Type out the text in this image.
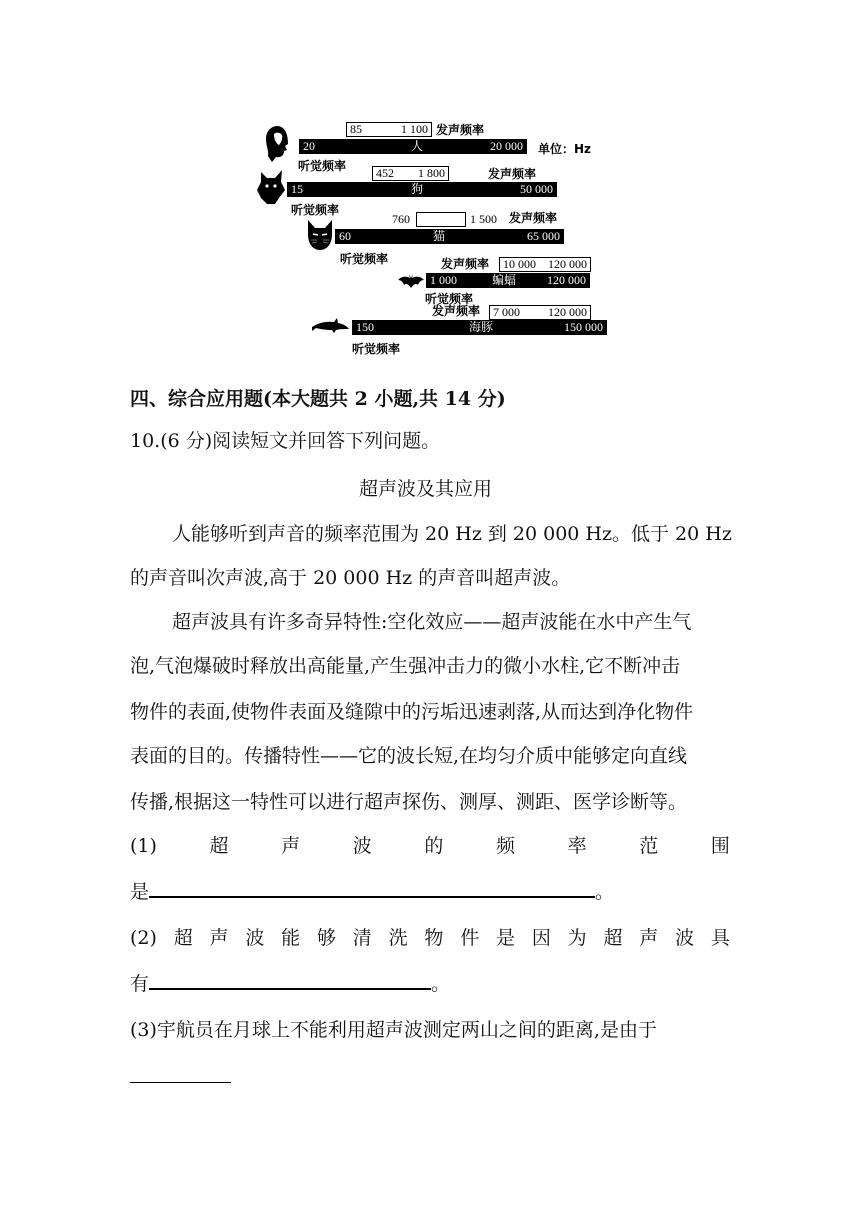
85	1 100 发声频率
20	人	20 000 单位：Hz
听觉频率 452 1 800	发声频率
15	狗	50 000
听觉频率
760	1 500 发声频率
60	猫	65 000
听觉频率	发声频率 10 000 120 000
1 000	蝙蝠	120 000
听觉频率
发声频率 7 000 120 000
150	海豚	150 000
听觉频率
四、综合应用题(本大题共 2 小题,共 14 分)
10.(6 分)阅读短文并回答下列问题。
超声波及其应用
人能够听到声音的频率范围为 20 Hz 到 20 000 Hz。低于 20 Hz
的声音叫次声波,高于 20 000 Hz 的声音叫超声波。
超声波具有许多奇异特性:空化效应——超声波能在水中产生气
泡,气泡爆破时释放出高能量,产生强冲击力的微小水柱,它不断冲击
物件的表面,使物件表面及缝隙中的污垢迅速剥落,从而达到净化物件
表面的目的。传播特性——它的波长短,在均匀介质中能够定向直线
传播,根据这一特性可以进行超声探伤、测厚、测距、医学诊断等。
(1)	超	声	波	的	频	率	范	围
是	。
(2) 超 声 波 能 够 清 洗 物 件 是 因 为 超 声 波 具
有	。
(3)宇航员在月球上不能利用超声波测定两山之间的距离,是由于
